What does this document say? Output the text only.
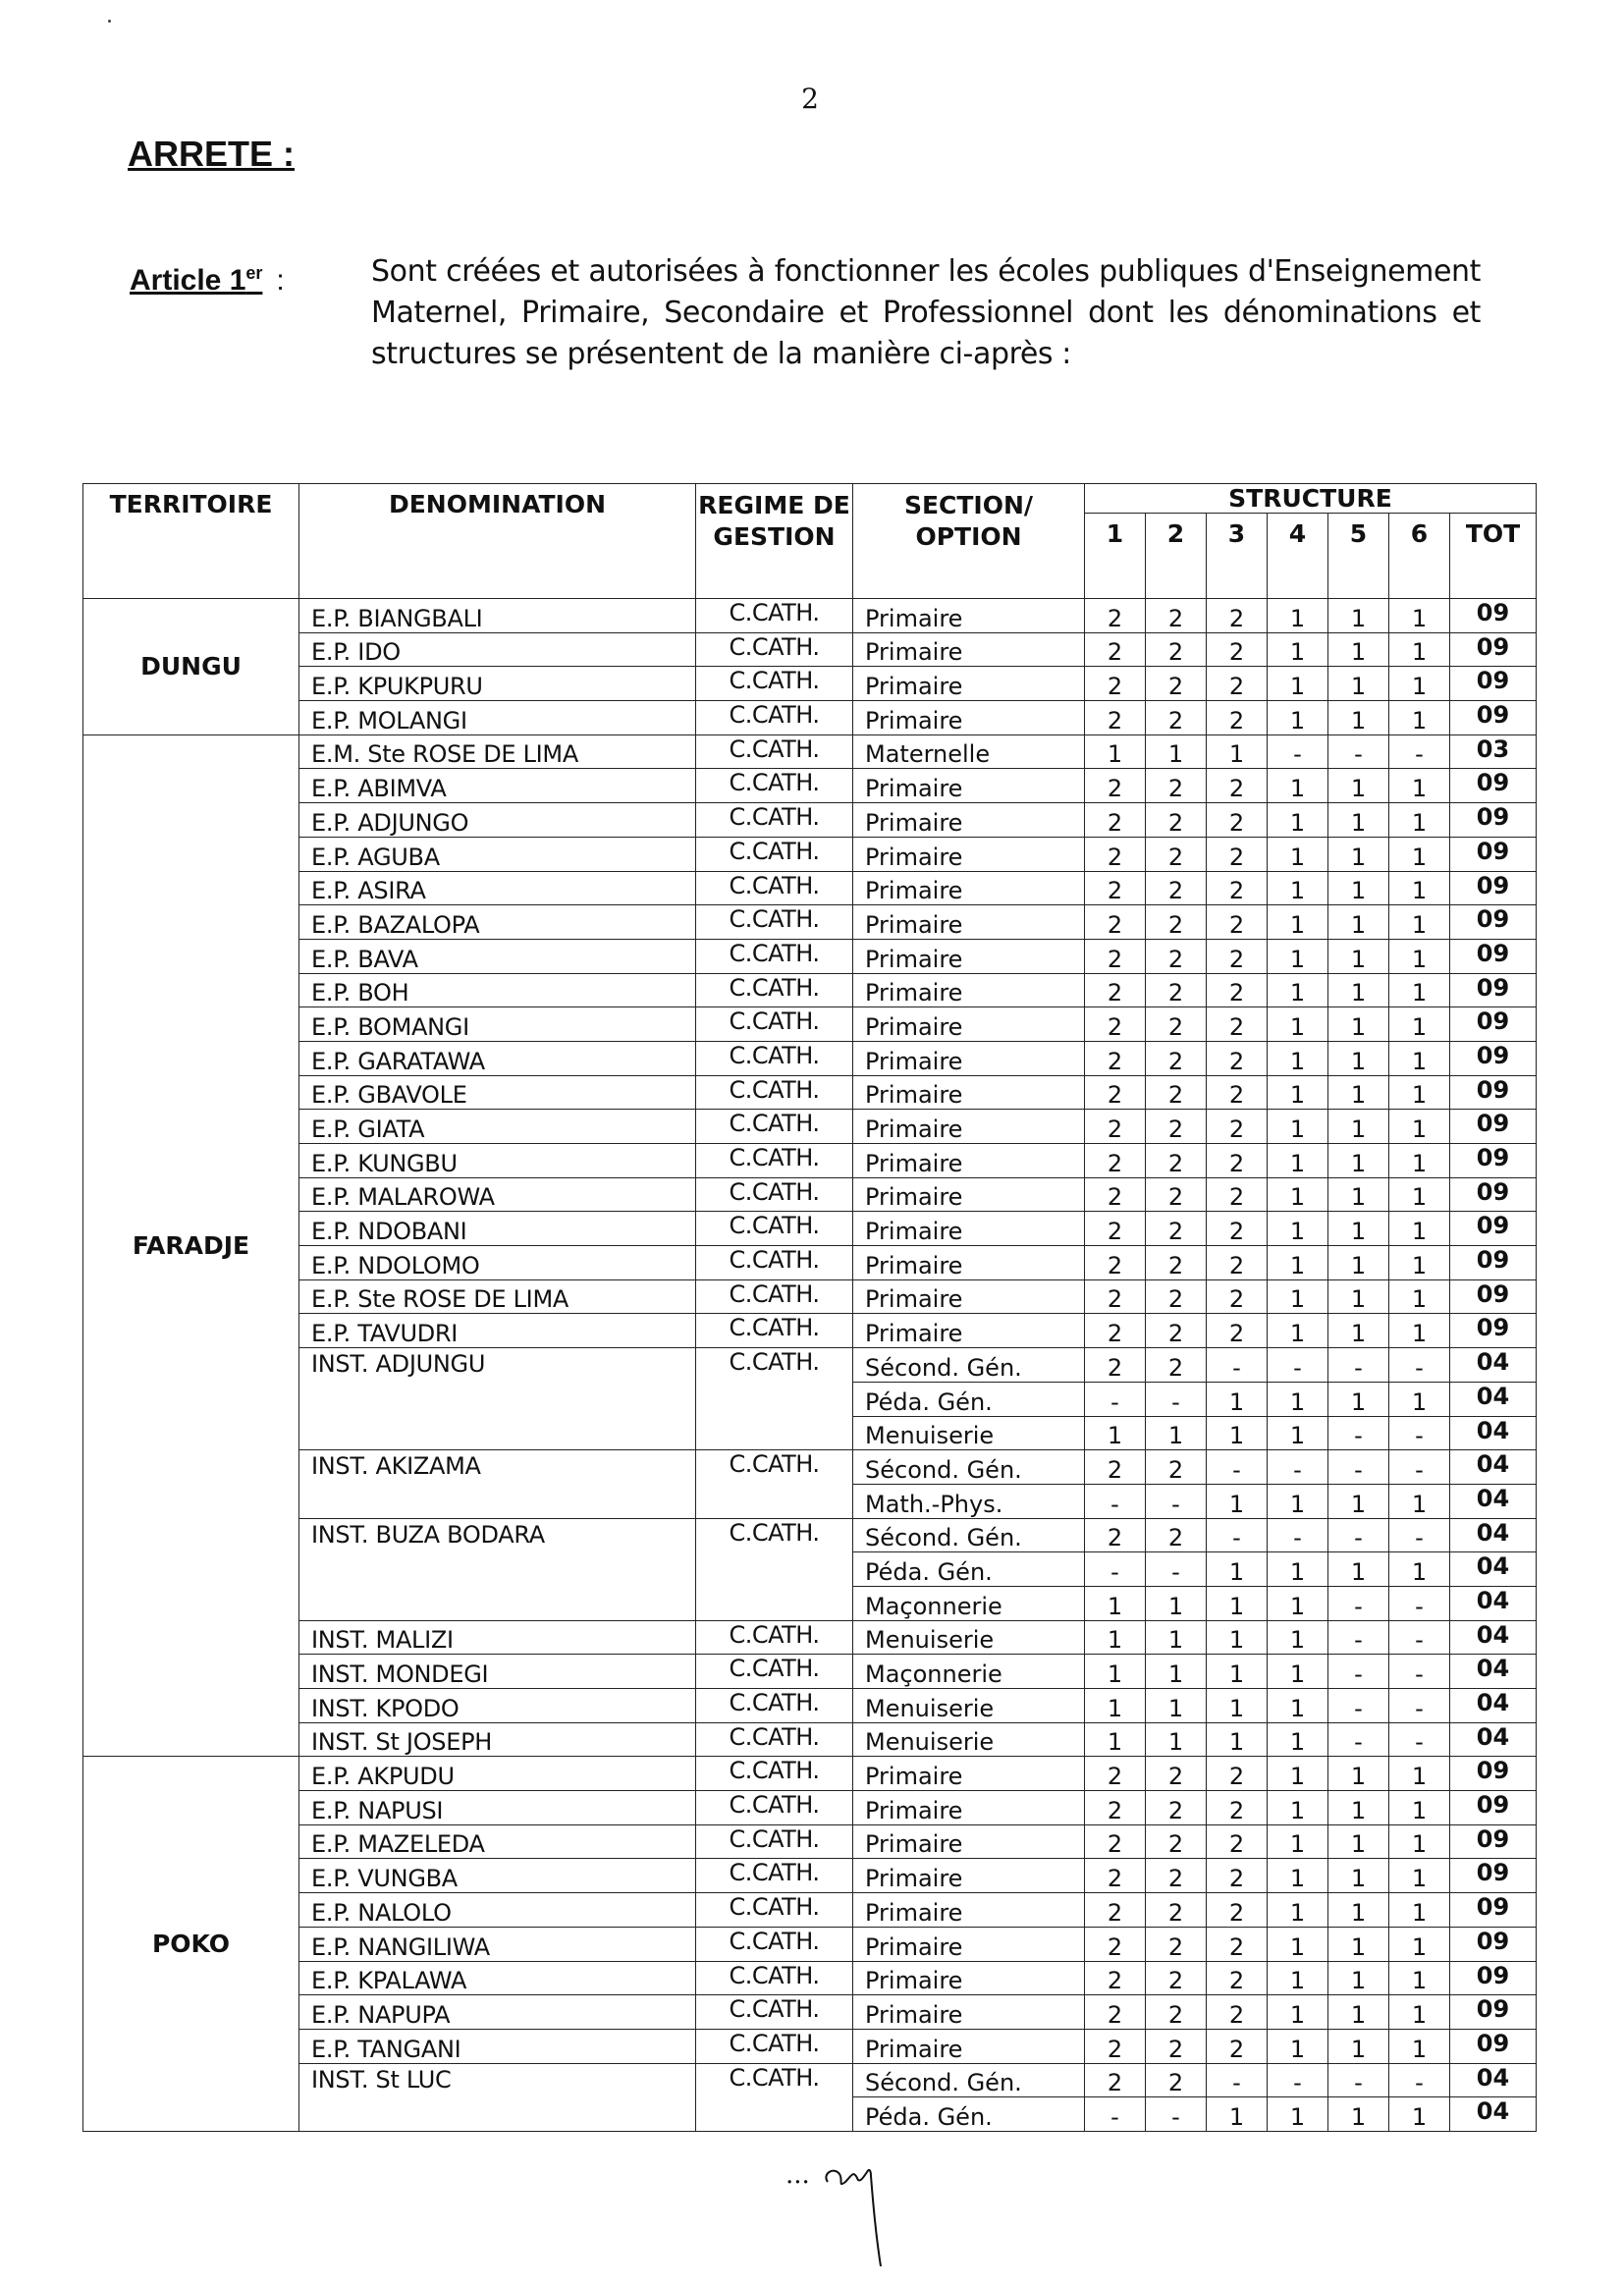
2
ARRETE :
Article 1er :	Sont créées et autorisées à fonctionner les écoles publiques d'Enseignement Maternel, Primaire, Secondaire et Professionnel dont les dénominations et structures se présentent de la manière ci-après :
TERRITOIRE	DENOMINATION	REGIME DE GESTION	SECTION/ OPTION	STRUCTURE						
				1	2	3	4	5	6	TOT
DUNGU	E.P. BIANGBALI	C.CATH.	Primaire	2	2	2	1	1	1	09
	E.P. IDO	C.CATH.	Primaire	2	2	2	1	1	1	09
	E.P. KPUKPURU	C.CATH.	Primaire	2	2	2	1	1	1	09
	E.P. MOLANGI	C.CATH.	Primaire	2	2	2	1	1	1	09
FARADJE	E.M. Ste ROSE DE LIMA	C.CATH.	Maternelle	1	1	1	-	-	-	03
	E.P. ABIMVA	C.CATH.	Primaire	2	2	2	1	1	1	09
	E.P. ADJUNGO	C.CATH.	Primaire	2	2	2	1	1	1	09
	E.P. AGUBA	C.CATH.	Primaire	2	2	2	1	1	1	09
	E.P. ASIRA	C.CATH.	Primaire	2	2	2	1	1	1	09
	E.P. BAZALOPA	C.CATH.	Primaire	2	2	2	1	1	1	09
	E.P. BAVA	C.CATH.	Primaire	2	2	2	1	1	1	09
	E.P. BOH	C.CATH.	Primaire	2	2	2	1	1	1	09
	E.P. BOMANGI	C.CATH.	Primaire	2	2	2	1	1	1	09
	E.P. GARATAWA	C.CATH.	Primaire	2	2	2	1	1	1	09
	E.P. GBAVOLE	C.CATH.	Primaire	2	2	2	1	1	1	09
	E.P. GIATA	C.CATH.	Primaire	2	2	2	1	1	1	09
	E.P. KUNGBU	C.CATH.	Primaire	2	2	2	1	1	1	09
	E.P. MALAROWA	C.CATH.	Primaire	2	2	2	1	1	1	09
	E.P. NDOBANI	C.CATH.	Primaire	2	2	2	1	1	1	09
	E.P. NDOLOMO	C.CATH.	Primaire	2	2	2	1	1	1	09
	E.P. Ste ROSE DE LIMA	C.CATH.	Primaire	2	2	2	1	1	1	09
	E.P. TAVUDRI	C.CATH.	Primaire	2	2	2	1	1	1	09
	INST. ADJUNGU	C.CATH.	Sécond. Gén.	2	2	-	-	-	-	04
			Péda. Gén.	-	-	1	1	1	1	04
			Menuiserie	1	1	1	1	-	-	04
	INST. AKIZAMA	C.CATH.	Sécond. Gén.	2	2	-	-	-	-	04
			Math.-Phys.	-	-	1	1	1	1	04
	INST. BUZA BODARA	C.CATH.	Sécond. Gén.	2	2	-	-	-	-	04
			Péda. Gén.	-	-	1	1	1	1	04
			Maçonnerie	1	1	1	1	-	-	04
	INST. MALIZI	C.CATH.	Menuiserie	1	1	1	1	-	-	04
	INST. MONDEGI	C.CATH.	Maçonnerie	1	1	1	1	-	-	04
	INST. KPODO	C.CATH.	Menuiserie	1	1	1	1	-	-	04
	INST. St JOSEPH	C.CATH.	Menuiserie	1	1	1	1	-	-	04
POKO	E.P. AKPUDU	C.CATH.	Primaire	2	2	2	1	1	1	09
	E.P. NAPUSI	C.CATH.	Primaire	2	2	2	1	1	1	09
	E.P. MAZELEDA	C.CATH.	Primaire	2	2	2	1	1	1	09
	E.P. VUNGBA	C.CATH.	Primaire	2	2	2	1	1	1	09
	E.P. NALOLO	C.CATH.	Primaire	2	2	2	1	1	1	09
	E.P. NANGILIWA	C.CATH.	Primaire	2	2	2	1	1	1	09
	E.P. KPALAWA	C.CATH.	Primaire	2	2	2	1	1	1	09
	E.P. NAPUPA	C.CATH.	Primaire	2	2	2	1	1	1	09
	E.P. TANGANI	C.CATH.	Primaire	2	2	2	1	1	1	09
	INST. St LUC	C.CATH.	Sécond. Gén.	2	2	-	-	-	-	04
			Péda. Gén.	-	-	1	1	1	1	04
...
